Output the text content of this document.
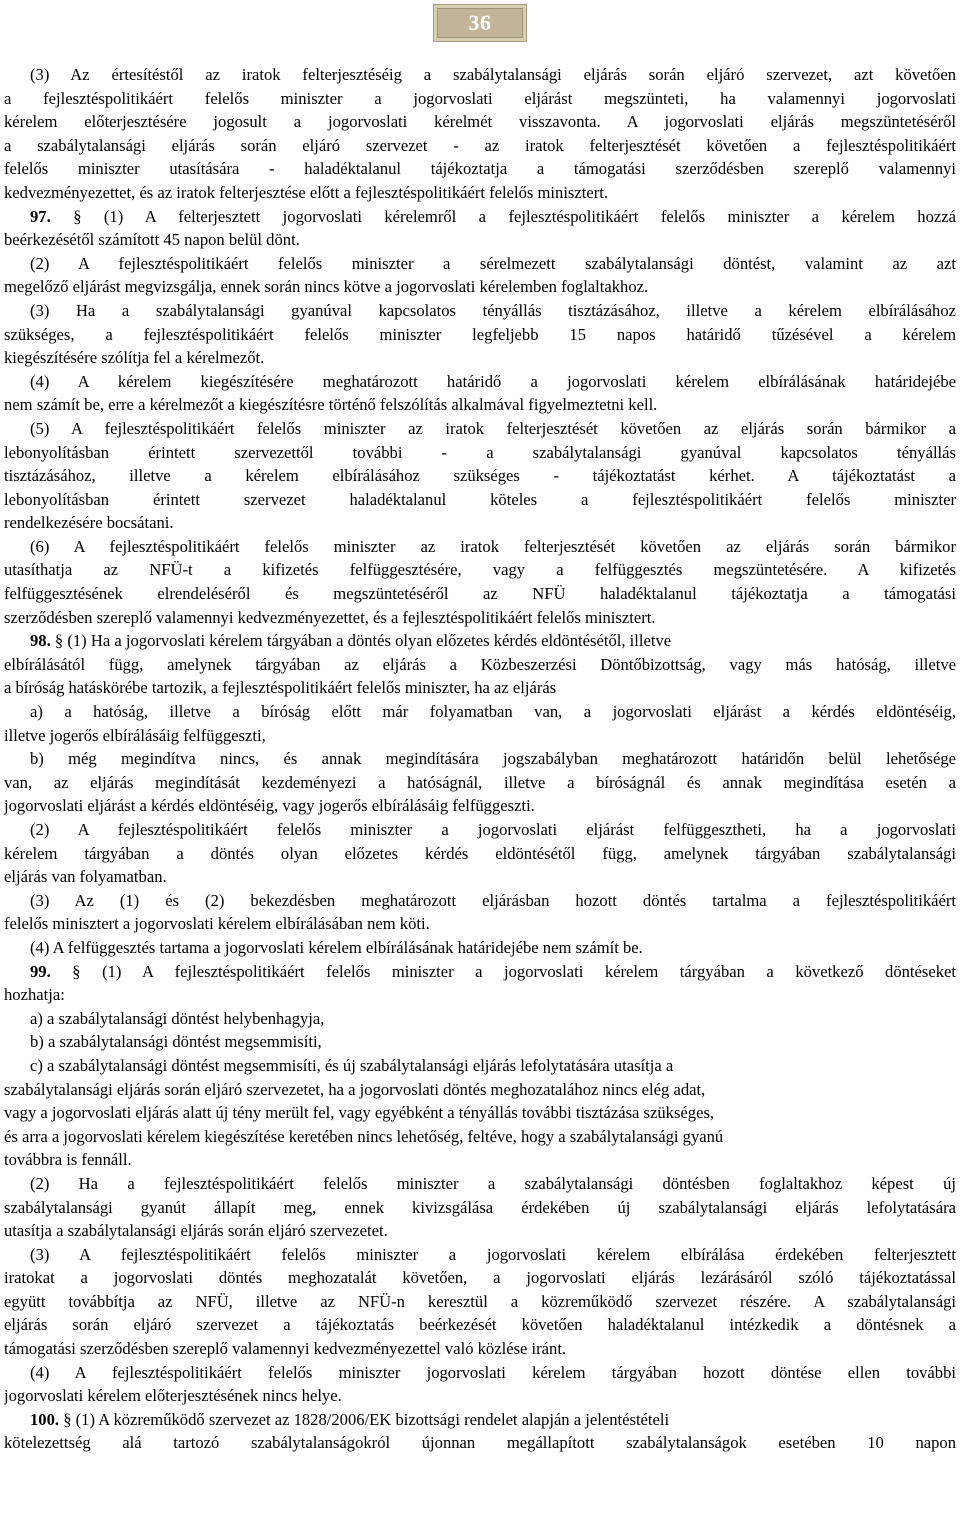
36
(3) Az értesítéstől az iratok felterjesztéséig a szabálytalansági eljárás során eljáró szervezet, azt követően
a fejlesztéspolitikáért felelős miniszter a jogorvoslati eljárást megszünteti, ha valamennyi jogorvoslati
kérelem előterjesztésére jogosult a jogorvoslati kérelmét visszavonta. A jogorvoslati eljárás megszüntetéséről
a szabálytalansági eljárás során eljáró szervezet - az iratok felterjesztését követően a fejlesztéspolitikáért
felelős miniszter utasítására - haladéktalanul tájékoztatja a támogatási szerződésben szereplő valamennyi
kedvezményezettet, és az iratok felterjesztése előtt a fejlesztéspolitikáért felelős minisztert.
97. § (1) A felterjesztett jogorvoslati kérelemről a fejlesztéspolitikáért felelős miniszter a kérelem hozzá
beérkezésétől számított 45 napon belül dönt.
(2) A fejlesztéspolitikáért felelős miniszter a sérelmezett szabálytalansági döntést, valamint az azt
megelőző eljárást megvizsgálja, ennek során nincs kötve a jogorvoslati kérelemben foglaltakhoz.
(3) Ha a szabálytalansági gyanúval kapcsolatos tényállás tisztázásához, illetve a kérelem elbírálásához
szükséges, a fejlesztéspolitikáért felelős miniszter legfeljebb 15 napos határidő tűzésével a kérelem
kiegészítésére szólítja fel a kérelmezőt.
(4) A kérelem kiegészítésére meghatározott határidő a jogorvoslati kérelem elbírálásának határidejébe
nem számít be, erre a kérelmezőt a kiegészítésre történő felszólítás alkalmával figyelmeztetni kell.
(5) A fejlesztéspolitikáért felelős miniszter az iratok felterjesztését követően az eljárás során bármikor a
lebonyolításban érintett szervezettől további - a szabálytalansági gyanúval kapcsolatos tényállás
tisztázásához, illetve a kérelem elbírálásához szükséges - tájékoztatást kérhet. A tájékoztatást a
lebonyolításban érintett szervezet haladéktalanul köteles a fejlesztéspolitikáért felelős miniszter
rendelkezésére bocsátani.
(6) A fejlesztéspolitikáért felelős miniszter az iratok felterjesztését követően az eljárás során bármikor
utasíthatja az NFÜ-t a kifizetés felfüggesztésére, vagy a felfüggesztés megszüntetésére. A kifizetés
felfüggesztésének elrendeléséről és megszüntetéséről az NFÜ haladéktalanul tájékoztatja a támogatási
szerződésben szereplő valamennyi kedvezményezettet, és a fejlesztéspolitikáért felelős minisztert.
98. § (1) Ha a jogorvoslati kérelem tárgyában a döntés olyan előzetes kérdés eldöntésétől, illetve
elbírálásától függ, amelynek tárgyában az eljárás a Közbeszerzési Döntőbizottság, vagy más hatóság, illetve
a bíróság hatáskörébe tartozik, a fejlesztéspolitikáért felelős miniszter, ha az eljárás
a) a hatóság, illetve a bíróság előtt már folyamatban van, a jogorvoslati eljárást a kérdés eldöntéséig,
illetve jogerős elbírálásáig felfüggeszti,
b) még megindítva nincs, és annak megindítására jogszabályban meghatározott határidőn belül lehetősége
van, az eljárás megindítását kezdeményezi a hatóságnál, illetve a bíróságnál és annak megindítása esetén a
jogorvoslati eljárást a kérdés eldöntéséig, vagy jogerős elbírálásáig felfüggeszti.
(2) A fejlesztéspolitikáért felelős miniszter a jogorvoslati eljárást felfüggesztheti, ha a jogorvoslati
kérelem tárgyában a döntés olyan előzetes kérdés eldöntésétől függ, amelynek tárgyában szabálytalansági
eljárás van folyamatban.
(3) Az (1) és (2) bekezdésben meghatározott eljárásban hozott döntés tartalma a fejlesztéspolitikáért
felelős minisztert a jogorvoslati kérelem elbírálásában nem köti.
(4) A felfüggesztés tartama a jogorvoslati kérelem elbírálásának határidejébe nem számít be.
99. § (1) A fejlesztéspolitikáért felelős miniszter a jogorvoslati kérelem tárgyában a következő döntéseket
hozhatja:
a) a szabálytalansági döntést helybenhagyja,
b) a szabálytalansági döntést megsemmisíti,
c) a szabálytalansági döntést megsemmisíti, és új szabálytalansági eljárás lefolytatására utasítja a
szabálytalansági eljárás során eljáró szervezetet, ha a jogorvoslati döntés meghozatalához nincs elég adat,
vagy a jogorvoslati eljárás alatt új tény merült fel, vagy egyébként a tényállás további tisztázása szükséges,
és arra a jogorvoslati kérelem kiegészítése keretében nincs lehetőség, feltéve, hogy a szabálytalansági gyanú
továbbra is fennáll.
(2) Ha a fejlesztéspolitikáért felelős miniszter a szabálytalansági döntésben foglaltakhoz képest új
szabálytalansági gyanút állapít meg, ennek kivizsgálása érdekében új szabálytalansági eljárás lefolytatására
utasítja a szabálytalansági eljárás során eljáró szervezetet.
(3) A fejlesztéspolitikáért felelős miniszter a jogorvoslati kérelem elbírálása érdekében felterjesztett
iratokat a jogorvoslati döntés meghozatalát követően, a jogorvoslati eljárás lezárásáról szóló tájékoztatással
együtt továbbítja az NFÜ, illetve az NFÜ-n keresztül a közreműködő szervezet részére. A szabálytalansági
eljárás során eljáró szervezet a tájékoztatás beérkezését követően haladéktalanul intézkedik a döntésnek a
támogatási szerződésben szereplő valamennyi kedvezményezettel való közlése iránt.
(4) A fejlesztéspolitikáért felelős miniszter jogorvoslati kérelem tárgyában hozott döntése ellen további
jogorvoslati kérelem előterjesztésének nincs helye.
100. § (1) A közreműködő szervezet az 1828/2006/EK bizottsági rendelet alapján a jelentéstételi
kötelezettség alá tartozó szabálytalanságokról újonnan megállapított szabálytalanságok esetében 10 napon
